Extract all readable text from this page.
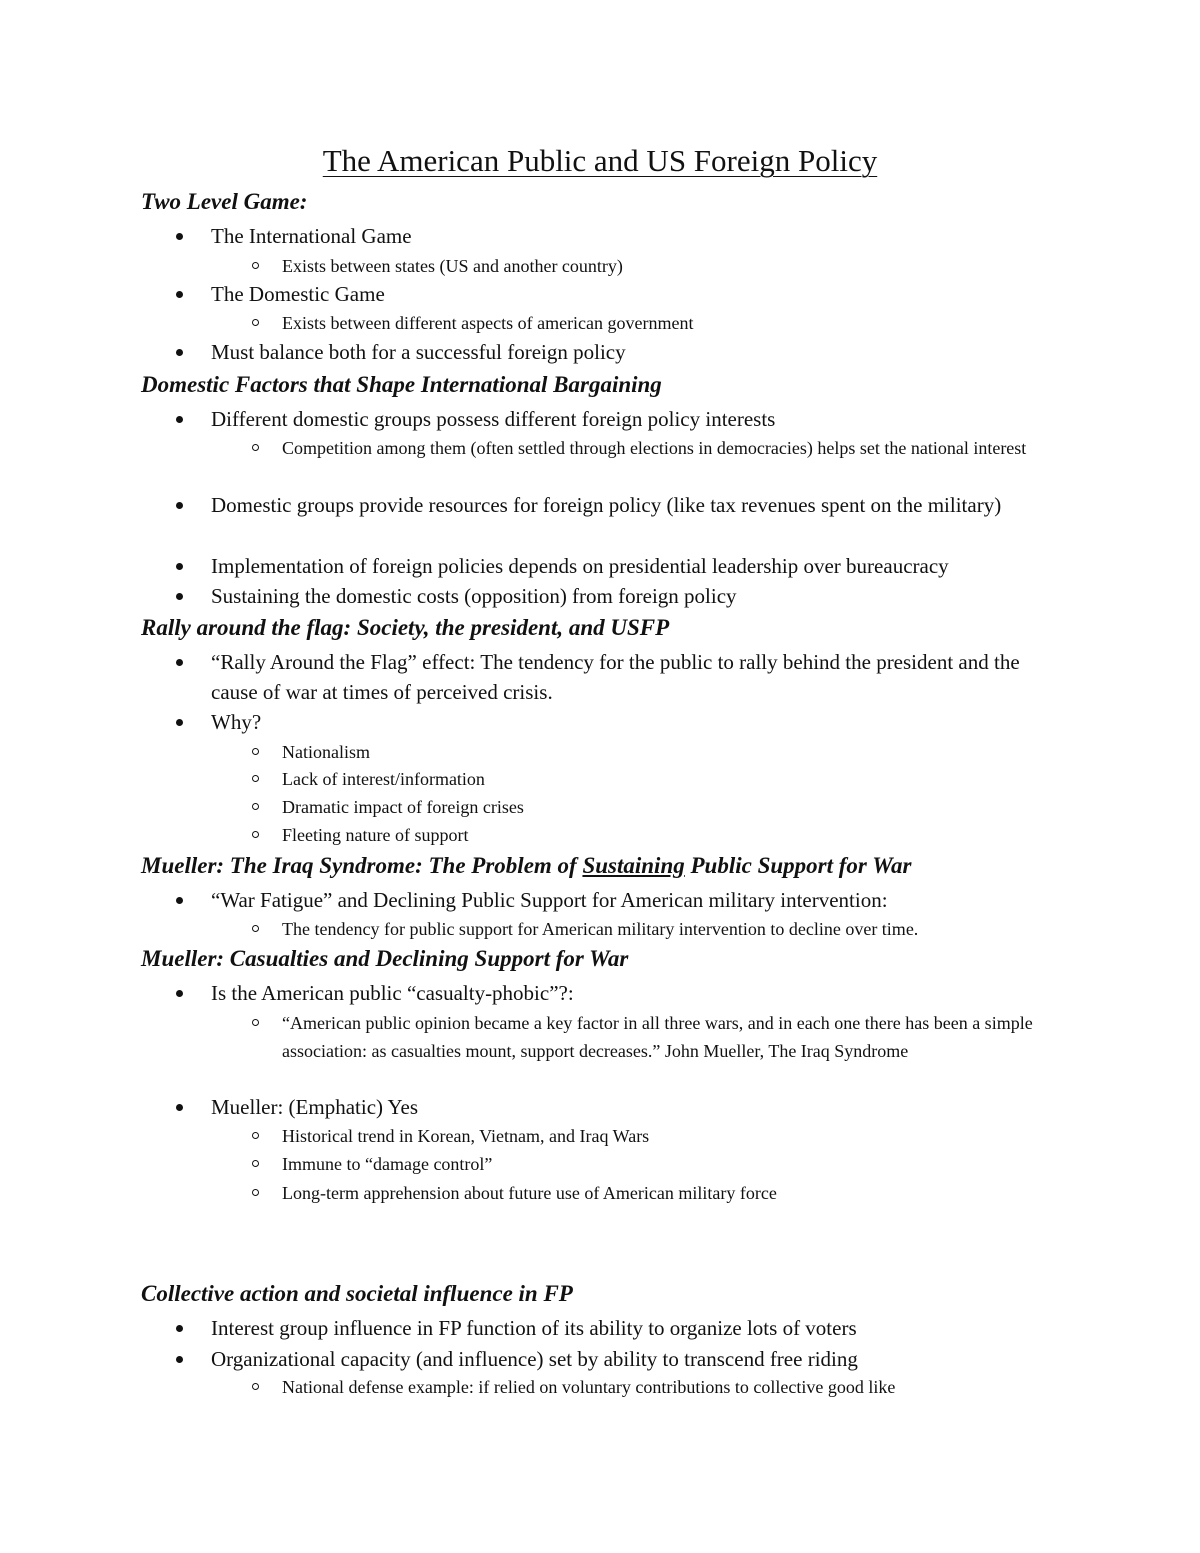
The American Public and US Foreign Policy
Two Level Game:
The International Game
Exists between states (US and another country)
The Domestic Game
Exists between different aspects of american government
Must balance both for a successful foreign policy
Domestic Factors that Shape International Bargaining
Different domestic groups possess different foreign policy interests
Competition among them (often settled through elections in democracies) helps set the national interest
Domestic groups provide resources for foreign policy (like tax revenues spent on the military)
Implementation of foreign policies depends on presidential leadership over bureaucracy
Sustaining the domestic costs (opposition) from foreign policy
Rally around the flag: Society, the president, and USFP
“Rally Around the Flag” effect: The tendency for the public to rally behind the president and the cause of war at times of perceived crisis.
Why?
Nationalism
Lack of interest/information
Dramatic impact of foreign crises
Fleeting nature of support
Mueller: The Iraq Syndrome: The Problem of Sustaining Public Support for War
“War Fatigue” and Declining Public Support for American military intervention:
The tendency for public support for American military intervention to decline over time.
Mueller: Casualties and Declining Support for War
Is the American public “casualty-phobic”?:
“American public opinion became a key factor in all three wars, and in each one there has been a simple association: as casualties mount, support decreases.” John Mueller, The Iraq Syndrome
Mueller: (Emphatic) Yes
Historical trend in Korean, Vietnam, and Iraq Wars
Immune to “damage control”
Long-term apprehension about future use of American military force
Collective action and societal influence in FP
Interest group influence in FP function of its ability to organize lots of voters
Organizational capacity (and influence) set by ability to transcend free riding
National defense example: if relied on voluntary contributions to collective good like
